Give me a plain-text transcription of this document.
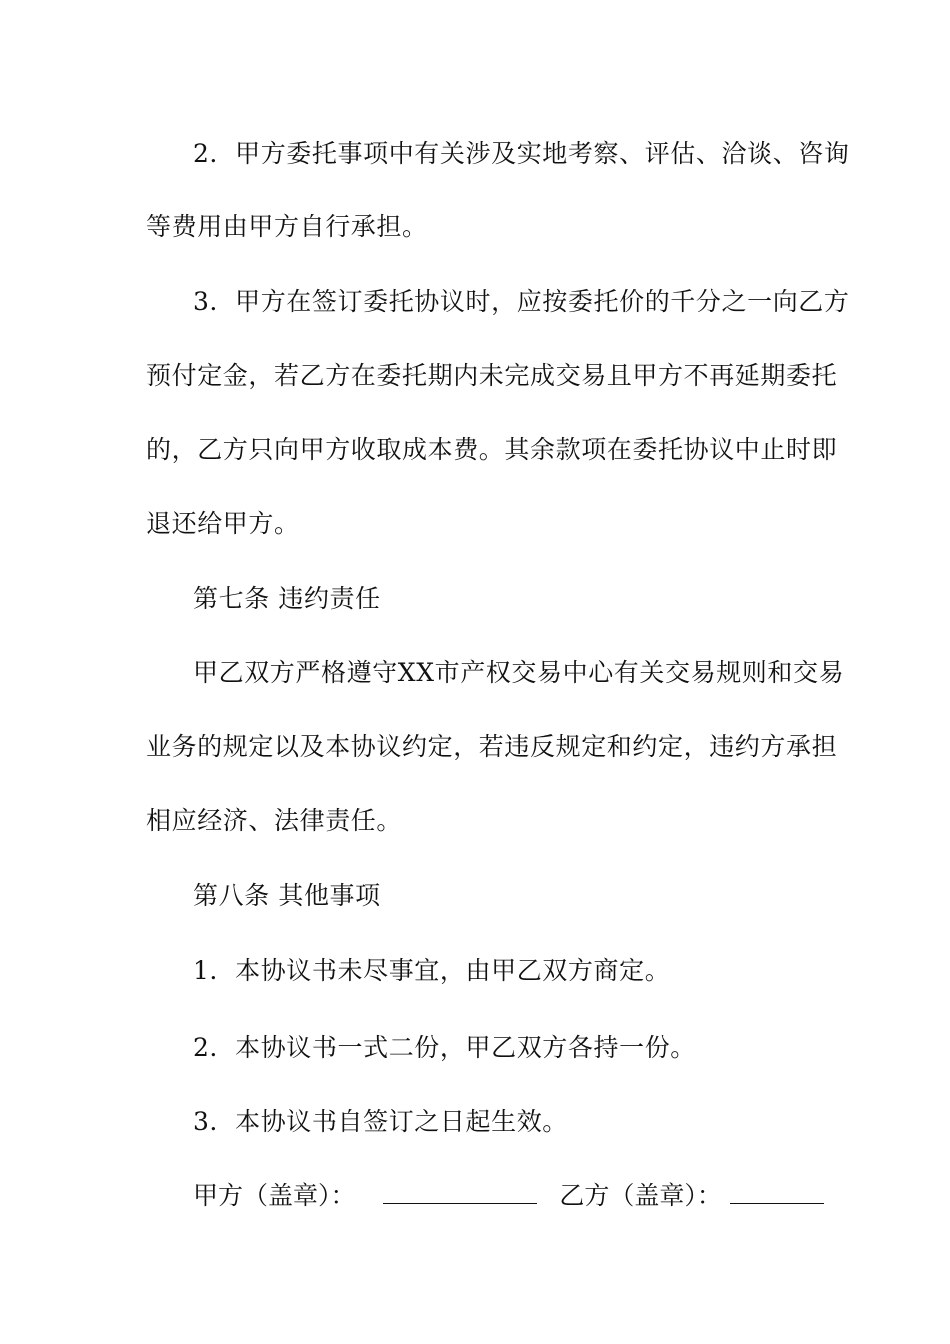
2．甲方委托事项中有关涉及实地考察、评估、洽谈、咨询
等费用由甲方自行承担。
3．甲方在签订委托协议时，应按委托价的千分之一向乙方
预付定金，若乙方在委托期内未完成交易且甲方不再延期委托
的，乙方只向甲方收取成本费。其余款项在委托协议中止时即
退还给甲方。
第七条 违约责任
甲乙双方严格遵守XX市产权交易中心有关交易规则和交易
业务的规定以及本协议约定，若违反规定和约定，违约方承担
相应经济、法律责任。
第八条 其他事项
1．本协议书未尽事宜，由甲乙双方商定。
2．本协议书一式二份，甲乙双方各持一份。
3．本协议书自签订之日起生效。
甲方（盖章）：	乙方（盖章）：
